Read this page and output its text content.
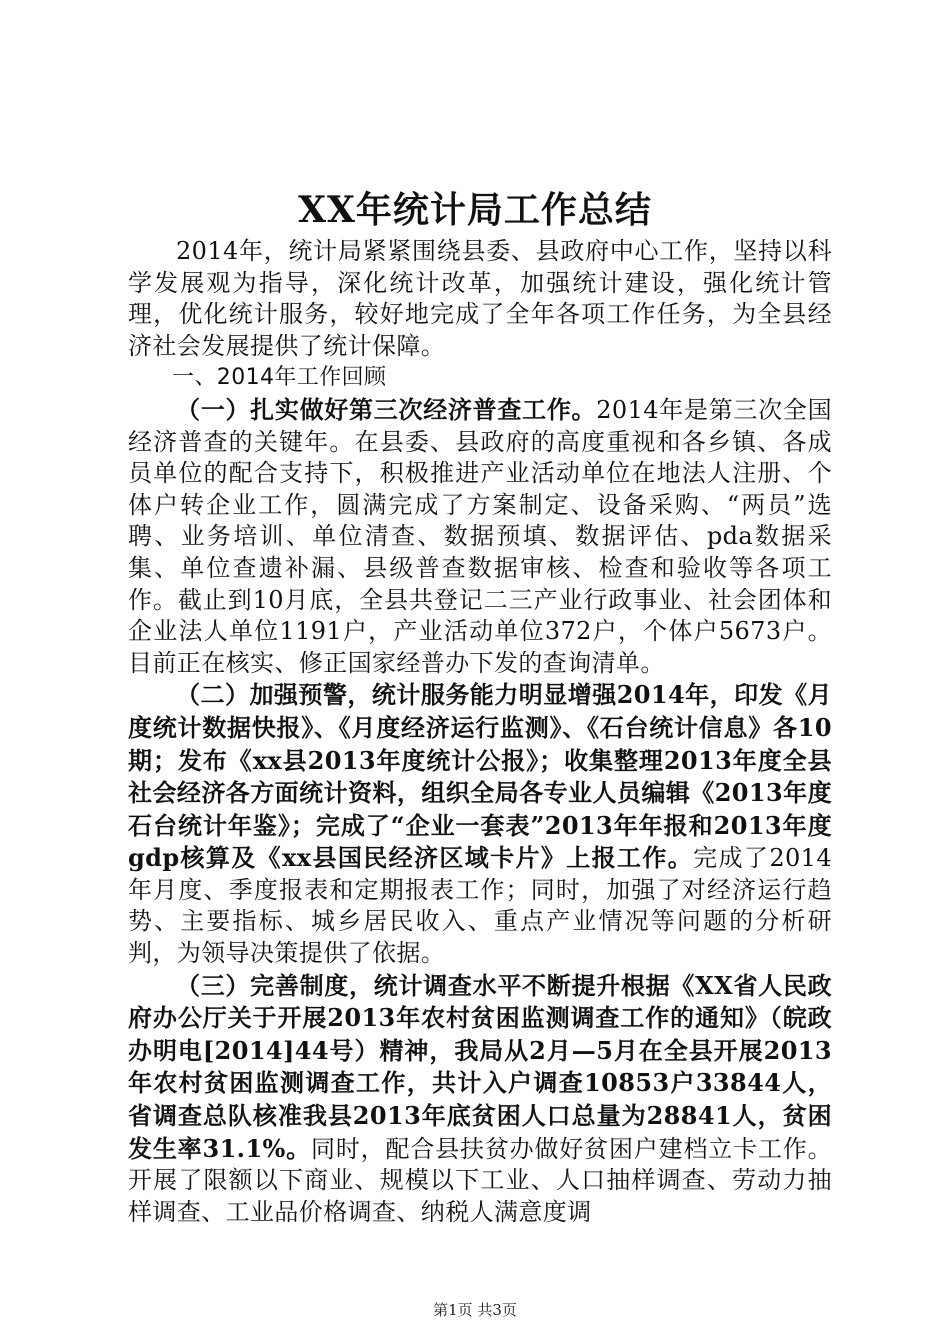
XX年统计局工作总结

2014年，统计局紧紧围绕县委、县政府中心工作，坚持以科学发展观为指导，深化统计改革，加强统计建设，强化统计管理，优化统计服务，较好地完成了全年各项工作任务，为全县经济社会发展提供了统计保障。

一、2014年工作回顾

（一）扎实做好第三次经济普查工作。2014年是第三次全国经济普查的关键年。在县委、县政府的高度重视和各乡镇、各成员单位的配合支持下，积极推进产业活动单位在地法人注册、个体户转企业工作，圆满完成了方案制定、设备采购、“两员”选聘、业务培训、单位清查、数据预填、数据评估、pda数据采集、单位查遗补漏、县级普查数据审核、检查和验收等各项工作。截止到10月底，全县共登记二三产业行政事业、社会团体和企业法人单位1191户，产业活动单位372户，个体户5673户。目前正在核实、修正国家经普办下发的查询清单。

（二）加强预警，统计服务能力明显增强2014年，印发《月度统计数据快报》、《月度经济运行监测》、《石台统计信息》各10期；发布《xx县2013年度统计公报》；收集整理2013年度全县社会经济各方面统计资料，组织全局各专业人员编辑《2013年度石台统计年鉴》；完成了“企业一套表”2013年年报和2013年度gdp核算及《xx县国民经济区域卡片》上报工作。完成了2014年月度、季度报表和定期报表工作；同时，加强了对经济运行趋势、主要指标、城乡居民收入、重点产业情况等问题的分析研判，为领导决策提供了依据。

（三）完善制度，统计调查水平不断提升根据《XX省人民政府办公厅关于开展2013年农村贫困监测调查工作的通知》（皖政办明电[2014]44号）精神，我局从2月—5月在全县开展2013年农村贫困监测调查工作，共计入户调查10853户33844人，省调查总队核准我县2013年底贫困人口总量为28841人，贫困发生率31.1%。同时，配合县扶贫办做好贫困户建档立卡工作。开展了限额以下商业、规模以下工业、人口抽样调查、劳动力抽样调查、工业品价格调查、纳税人满意度调

第1页 共3页
